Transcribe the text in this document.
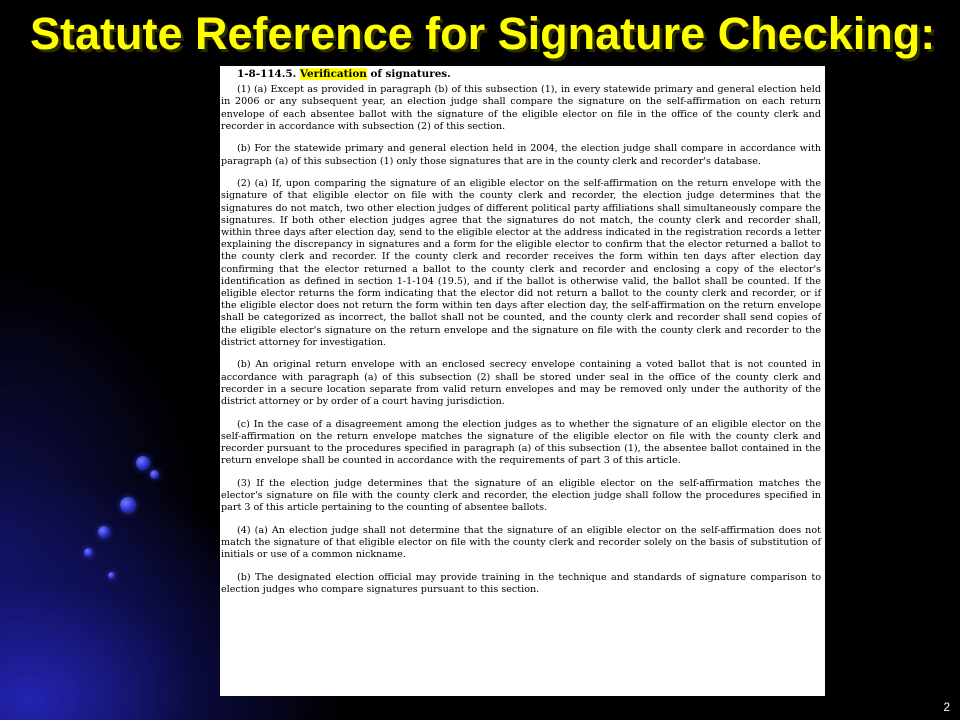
Statute Reference for Signature Checking:

1-8-114.5. Verification of signatures.

(1) (a) Except as provided in paragraph (b) of this subsection (1), in every statewide primary and general election held in 2006 or any subsequent year, an election judge shall compare the signature on the self-affirmation on each return envelope of each absentee ballot with the signature of the eligible elector on file in the office of the county clerk and recorder in accordance with subsection (2) of this section.

(b) For the statewide primary and general election held in 2004, the election judge shall compare in accordance with paragraph (a) of this subsection (1) only those signatures that are in the county clerk and recorder's database.

(2) (a) If, upon comparing the signature of an eligible elector on the self-affirmation on the return envelope with the signature of that eligible elector on file with the county clerk and recorder, the election judge determines that the signatures do not match, two other election judges of different political party affiliations shall simultaneously compare the signatures. If both other election judges agree that the signatures do not match, the county clerk and recorder shall, within three days after election day, send to the eligible elector at the address indicated in the registration records a letter explaining the discrepancy in signatures and a form for the eligible elector to confirm that the elector returned a ballot to the county clerk and recorder. If the county clerk and recorder receives the form within ten days after election day confirming that the elector returned a ballot to the county clerk and recorder and enclosing a copy of the elector's identification as defined in section 1-1-104 (19.5), and if the ballot is otherwise valid, the ballot shall be counted. If the eligible elector returns the form indicating that the elector did not return a ballot to the county clerk and recorder, or if the eligible elector does not return the form within ten days after election day, the self-affirmation on the return envelope shall be categorized as incorrect, the ballot shall not be counted, and the county clerk and recorder shall send copies of the eligible elector's signature on the return envelope and the signature on file with the county clerk and recorder to the district attorney for investigation.

(b) An original return envelope with an enclosed secrecy envelope containing a voted ballot that is not counted in accordance with paragraph (a) of this subsection (2) shall be stored under seal in the office of the county clerk and recorder in a secure location separate from valid return envelopes and may be removed only under the authority of the district attorney or by order of a court having jurisdiction.

(c) In the case of a disagreement among the election judges as to whether the signature of an eligible elector on the self-affirmation on the return envelope matches the signature of the eligible elector on file with the county clerk and recorder pursuant to the procedures specified in paragraph (a) of this subsection (1), the absentee ballot contained in the return envelope shall be counted in accordance with the requirements of part 3 of this article.

(3) If the election judge determines that the signature of an eligible elector on the self-affirmation matches the elector's signature on file with the county clerk and recorder, the election judge shall follow the procedures specified in part 3 of this article pertaining to the counting of absentee ballots.

(4) (a) An election judge shall not determine that the signature of an eligible elector on the self-affirmation does not match the signature of that eligible elector on file with the county clerk and recorder solely on the basis of substitution of initials or use of a common nickname.

(b) The designated election official may provide training in the technique and standards of signature comparison to election judges who compare signatures pursuant to this section.

2
